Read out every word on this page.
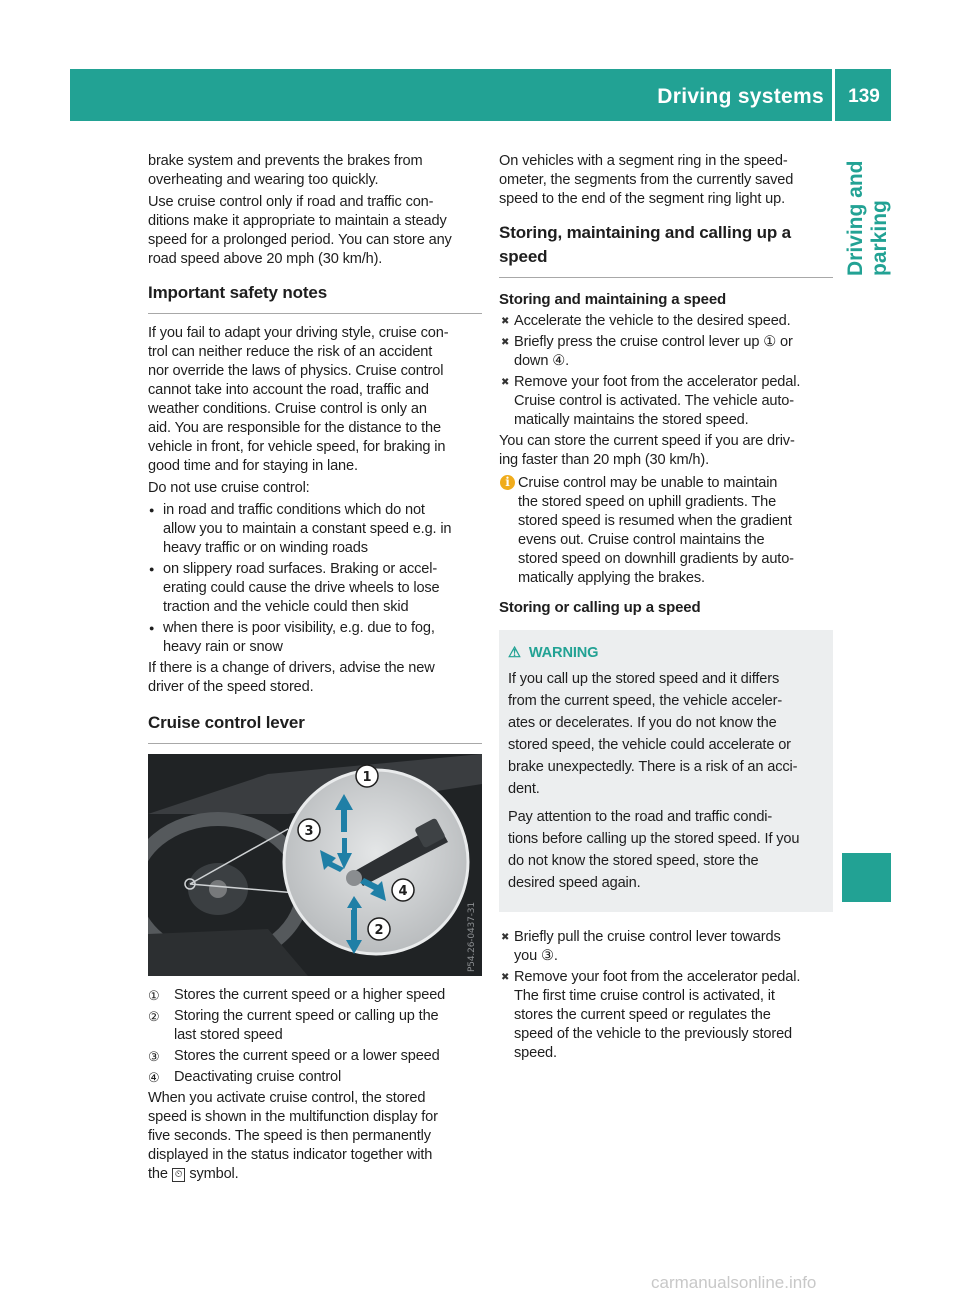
Driving systems	139
Driving and parking

brake system and prevents the brakes from
overheating and wearing too quickly.

Use cruise control only if road and traffic con-
ditions make it appropriate to maintain a steady
speed for a prolonged period. You can store any
road speed above 20 mph (30 km/h).

Important safety notes

If you fail to adapt your driving style, cruise con-
trol can neither reduce the risk of an accident
nor override the laws of physics. Cruise control
cannot take into account the road, traffic and
weather conditions. Cruise control is only an
aid. You are responsible for the distance to the
vehicle in front, for vehicle speed, for braking in
good time and for staying in lane.

Do not use cruise control:

● in road and traffic conditions which do not
allow you to maintain a constant speed e.g. in
heavy traffic or on winding roads
● on slippery road surfaces. Braking or accel-
erating could cause the drive wheels to lose
traction and the vehicle could then skid
● when there is poor visibility, e.g. due to fog,
heavy rain or snow

If there is a change of drivers, advise the new
driver of the speed stored.

Cruise control lever
1
3
4
2	P54.26-0437-31
① Stores the current speed or a higher speed
② Storing the current speed or calling up the
last stored speed
③ Stores the current speed or a lower speed
④ Deactivating cruise control

When you activate cruise control, the stored
speed is shown in the multifunction display for
five seconds. The speed is then permanently
displayed in the status indicator together with

the ⏲ symbol.

On vehicles with a segment ring in the speed-
ometer, the segments from the currently saved
speed to the end of the segment ring light up.

Storing, maintaining and calling up a
speed
Storing and maintaining a speed
✖ Accelerate the vehicle to the desired speed.
✖ Briefly press the cruise control lever up ① or
down ④.
✖ Remove your foot from the accelerator pedal.
Cruise control is activated. The vehicle auto-
matically maintains the stored speed.

You can store the current speed if you are driv-
ing faster than 20 mph (30 km/h).

i Cruise control may be unable to maintain
the stored speed on uphill gradients. The
stored speed is resumed when the gradient
evens out. Cruise control maintains the
stored speed on downhill gradients by auto-
matically applying the brakes.
Storing or calling up a speed
⚠ WARNING

If you call up the stored speed and it differs
from the current speed, the vehicle acceler-
ates or decelerates. If you do not know the
stored speed, the vehicle could accelerate or
brake unexpectedly. There is a risk of an acci-
dent.

Pay attention to the road and traffic condi-
tions before calling up the stored speed. If you
do not know the stored speed, store the
desired speed again.

✖ Briefly pull the cruise control lever towards
you ③.
✖ Remove your foot from the accelerator pedal.
The first time cruise control is activated, it
stores the current speed or regulates the
speed of the vehicle to the previously stored
speed.
carmanualsonline.info
